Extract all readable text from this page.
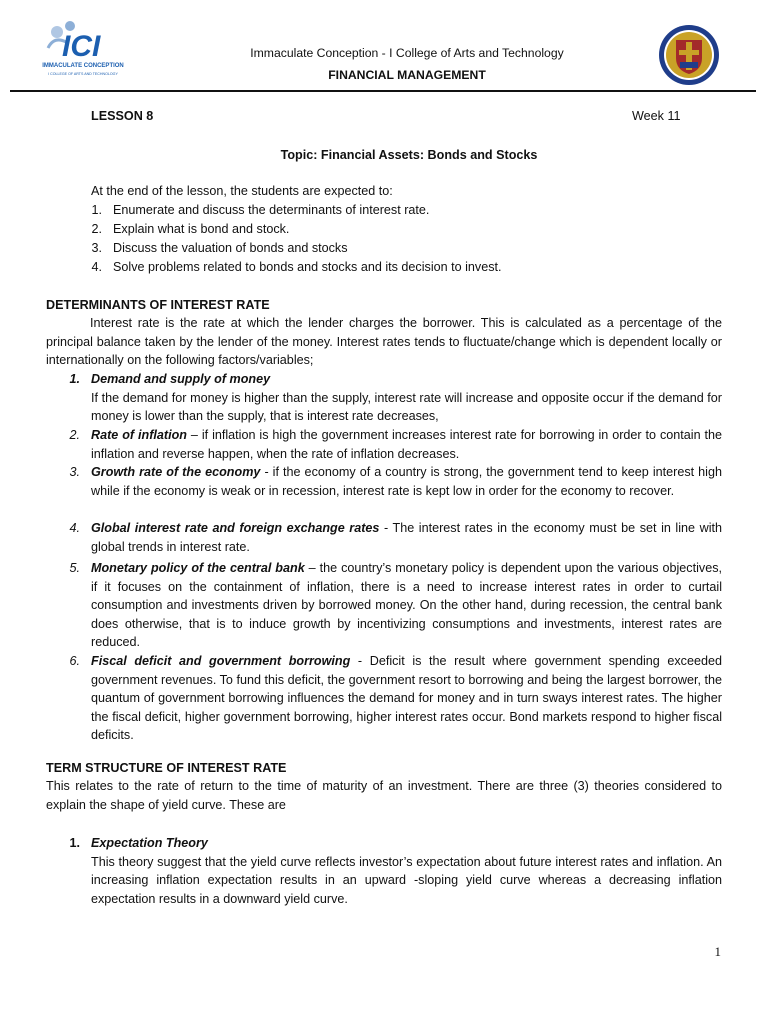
ICI
IMMACULATE CONCEPTION
I COLLEGE OF ARTS AND TECHNOLOGY
Immaculate Conception - I College of Arts and Technology
FINANCIAL MANAGEMENT
LESSON 8	Week 11
Topic: Financial Assets: Bonds and Stocks
At the end of the lesson, the students are expected to:
1. Enumerate and discuss the determinants of interest rate.
2. Explain what is bond and stock.
3. Discuss the valuation of bonds and stocks
4. Solve problems related to bonds and stocks and its decision to invest.
DETERMINANTS OF INTEREST RATE
Interest rate is the rate at which the lender charges the borrower. This is calculated as a percentage of the principal balance taken by the lender of the money. Interest rates tends to fluctuate/change which is dependent locally or internationally on the following factors/variables;
1. Demand and supply of money
If the demand for money is higher than the supply, interest rate will increase and opposite occur if the demand for money is lower than the supply, that is interest rate decreases,
2. Rate of inflation – if inflation is high the government increases interest rate for borrowing in order to contain the inflation and reverse happen, when the rate of inflation decreases.
3. Growth rate of the economy - if the economy of a country is strong, the government tend to keep interest high while if the economy is weak or in recession, interest rate is kept low in order for the economy to recover.
4. Global interest rate and foreign exchange rates - The interest rates in the economy must be set in line with global trends in interest rate.
5. Monetary policy of the central bank – the country’s monetary policy is dependent upon the various objectives, if it focuses on the containment of inflation, there is a need to increase interest rates in order to curtail consumption and investments driven by borrowed money. On the other hand, during recession, the central bank does otherwise, that is to induce growth by incentivizing consumptions and investments, interest rates are reduced.
6. Fiscal deficit and government borrowing - Deficit is the result where government spending exceeded government revenues. To fund this deficit, the government resort to borrowing and being the largest borrower, the quantum of government borrowing influences the demand for money and in turn sways interest rates. The higher the fiscal deficit, higher government borrowing, higher interest rates occur. Bond markets respond to higher fiscal deficits.
TERM STRUCTURE OF INTEREST RATE
This relates to the rate of return to the time of maturity of an investment. There are three (3) theories considered to explain the shape of yield curve. These are
1. Expectation Theory
This theory suggest that the yield curve reflects investor’s expectation about future interest rates and inflation. An increasing inflation expectation results in an upward -sloping yield curve whereas a decreasing inflation expectation results in a downward yield curve.
1
